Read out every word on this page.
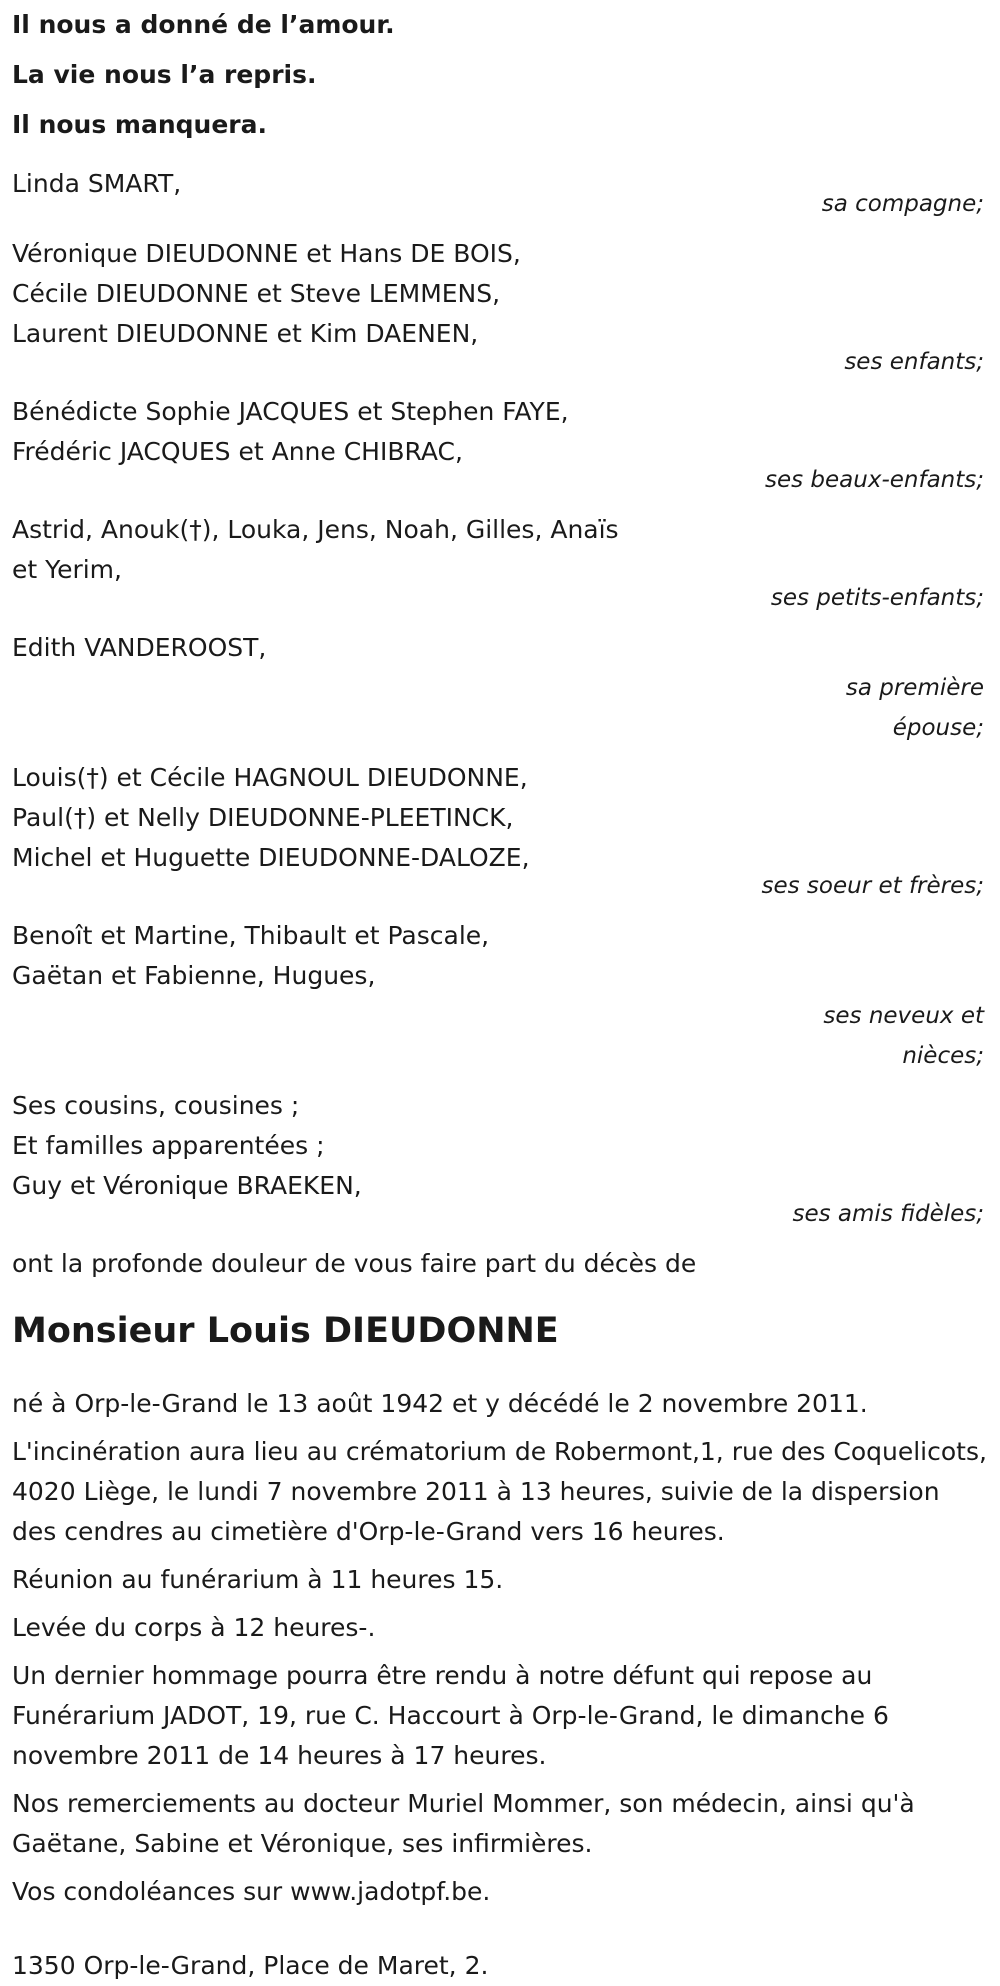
Il nous a donné de l’amour.
La vie nous l’a repris.
Il nous manquera.
Linda SMART,
sa compagne;
Véronique DIEUDONNE et Hans DE BOIS,
Cécile DIEUDONNE et Steve LEMMENS,
Laurent DIEUDONNE et Kim DAENEN,
ses enfants;
Bénédicte Sophie JACQUES et Stephen FAYE,
Frédéric JACQUES et Anne CHIBRAC,
ses beaux-enfants;
Astrid, Anouk(†), Louka, Jens, Noah, Gilles, Anaïs
et Yerim,
ses petits-enfants;
Edith VANDEROOST,
sa première
épouse;
Louis(†) et Cécile HAGNOUL DIEUDONNE,
Paul(†) et Nelly DIEUDONNE-PLEETINCK,
Michel et Huguette DIEUDONNE-DALOZE,
ses soeur et frères;
Benoît et Martine, Thibault et Pascale,
Gaëtan et Fabienne, Hugues,
ses neveux et
nièces;
Ses cousins, cousines ;
Et familles apparentées ;
Guy et Véronique BRAEKEN,
ses amis fidèles;
ont la profonde douleur de vous faire part du décès de
Monsieur Louis DIEUDONNE

né à Orp-le-Grand le 13 août 1942 et y décédé le 2 novembre 2011.

L'incinération aura lieu au crématorium de Robermont,1, rue des Coquelicots, 4020 Liège, le lundi 7 novembre 2011 à 13 heures, suivie de la dispersion des cendres au cimetière d'Orp-le-Grand vers 16 heures.

Réunion au funérarium à 11 heures 15.

Levée du corps à 12 heures-.

Un dernier hommage pourra être rendu à notre défunt qui repose au Funérarium JADOT, 19, rue C. Haccourt à Orp-le-Grand, le dimanche 6 novembre 2011 de 14 heures à 17 heures.

Nos remerciements au docteur Muriel Mommer, son médecin, ainsi qu'à Gaëtane, Sabine et Véronique, ses infirmières.

Vos condoléances sur www.jadotpf.be.

1350 Orp-le-Grand, Place de Maret, 2.
